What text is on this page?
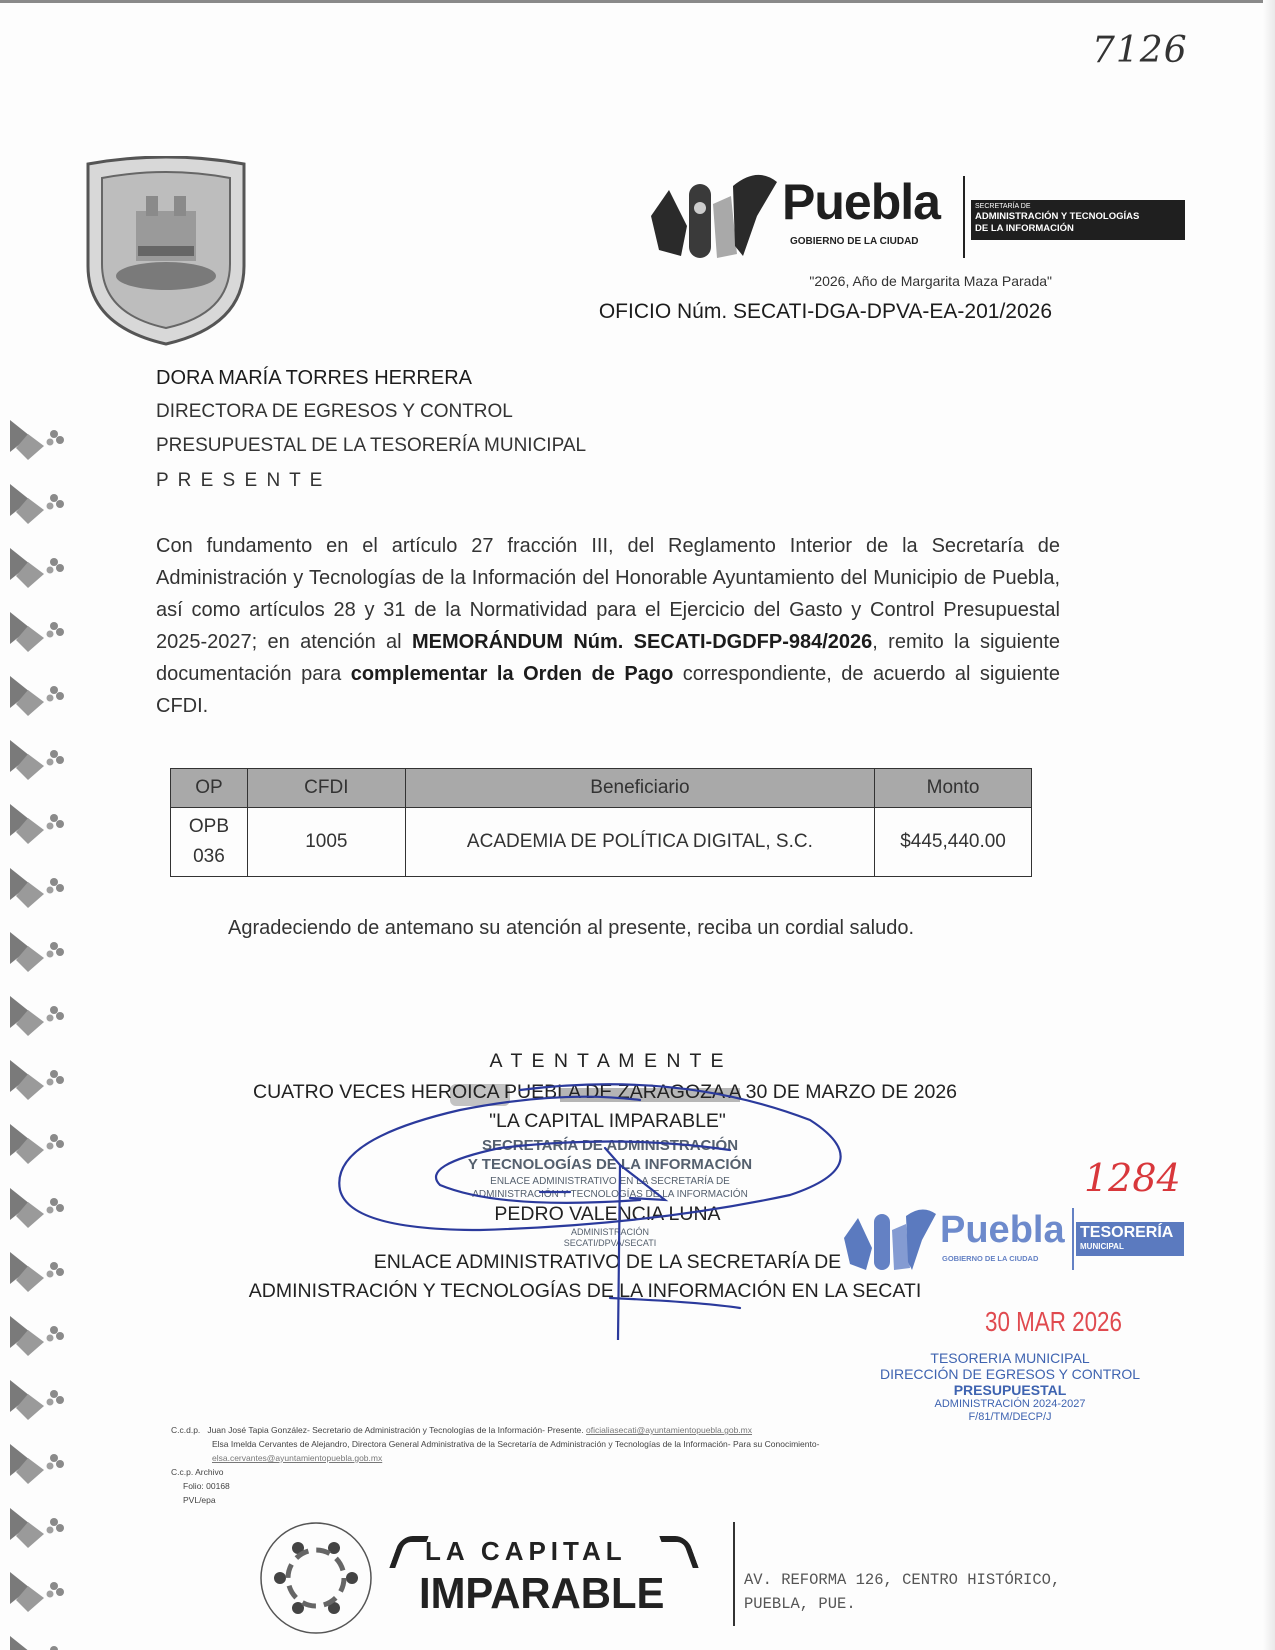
7126
Puebla
GOBIERNO DE LA CIUDAD
SECRETARÍA DE
ADMINISTRACIÓN Y TECNOLOGÍAS
DE LA INFORMACIÓN
"2026, Año de Margarita Maza Parada"
OFICIO Núm. SECATI-DGA-DPVA-EA-201/2026
DORA MARÍA TORRES HERRERA
DIRECTORA DE EGRESOS Y CONTROL
PRESUPUESTAL DE LA TESORERÍA MUNICIPAL
P R E S E N T E
Con fundamento en el artículo 27 fracción III, del Reglamento Interior de la Secretaría de Administración y Tecnologías de la Información del Honorable Ayuntamiento del Municipio de Puebla, así como artículos 28 y 31 de la Normatividad para el Ejercicio del Gasto y Control Presupuestal 2025-2027; en atención al MEMORÁNDUM Núm. SECATI-DGDFP-984/2026, remito la siguiente documentación para complementar la Orden de Pago correspondiente, de acuerdo al siguiente CFDI.
OP	CFDI	Beneficiario	Monto

OPB
036	1005	ACADEMIA DE POLÍTICA DIGITAL, S.C.	$445,440.00
Agradeciendo de antemano su atención al presente, reciba un cordial saludo.
A T E N T A M E N T E
CUATRO VECES HEROICA PUEBLA DE ZARAGOZA A 30 DE MARZO DE 2026
"LA CAPITAL IMPARABLE"
SECRETARÍA DE ADMINISTRACIÓN
Y TECNOLOGÍAS DE LA INFORMACIÓN
ENLACE ADMINISTRATIVO EN LA SECRETARÍA DE
ADMINISTRACIÓN Y TECNOLOGÍAS DE LA INFORMACIÓN
PEDRO VALENCIA LUNA
ADMINISTRACIÓN
SECATI/DPVA/SECATI
ENLACE ADMINISTRATIVO DE LA SECRETARÍA DE
ADMINISTRACIÓN Y TECNOLOGÍAS DE LA INFORMACIÓN EN LA SECATI
1284
Puebla
GOBIERNO DE LA CIUDAD
TESORERÍA
MUNICIPAL
30 MAR 2026
TESORERIA MUNICIPAL
DIRECCIÓN DE EGRESOS Y CONTROL
PRESUPUESTAL
ADMINISTRACIÓN 2024-2027
F/81/TM/DECP/J
C.c.d.p. Juan José Tapia González- Secretario de Administración y Tecnologías de la Información- Presente. oficialiasecati@ayuntamientopuebla.gob.mx
Elsa Imelda Cervantes de Alejandro, Directora General Administrativa de la Secretaría de Administración y Tecnologías de la Información- Para su Conocimiento-
elsa.cervantes@ayuntamientopuebla.gob.mx
C.c.p. Archivo
Folio: 00168
PVL/epa
LA CAPITAL
IMPARABLE	AV. REFORMA 126, CENTRO HISTÓRICO,
PUEBLA, PUE.
